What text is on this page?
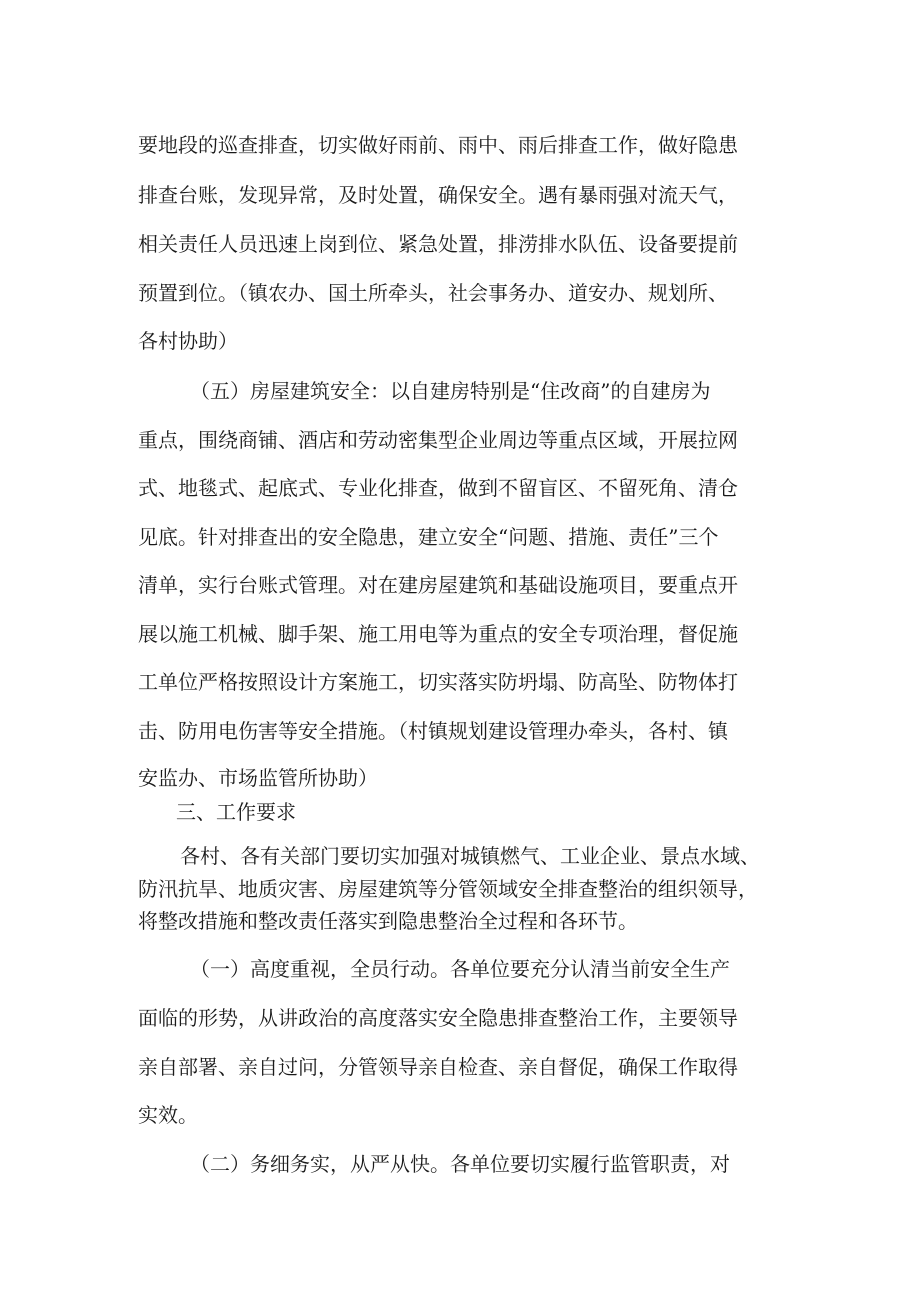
要地段的巡查排查，切实做好雨前、雨中、雨后排查工作，做好隐患
排查台账，发现异常，及时处置，确保安全。遇有暴雨强对流天气，
相关责任人员迅速上岗到位、紧急处置，排涝排水队伍、设备要提前
预置到位。（镇农办、国土所牵头，社会事务办、道安办、规划所、
各村协助）
（五）房屋建筑安全：以自建房特别是“住改商”的自建房为
重点，围绕商铺、酒店和劳动密集型企业周边等重点区域，开展拉网
式、地毯式、起底式、专业化排查，做到不留盲区、不留死角、清仓
见底。针对排查出的安全隐患，建立安全“问题、措施、责任”三个
清单，实行台账式管理。对在建房屋建筑和基础设施项目，要重点开
展以施工机械、脚手架、施工用电等为重点的安全专项治理，督促施
工单位严格按照设计方案施工，切实落实防坍塌、防高坠、防物体打
击、防用电伤害等安全措施。（村镇规划建设管理办牵头，各村、镇
安监办、市场监管所协助）
三、工作要求
各村、各有关部门要切实加强对城镇燃气、工业企业、景点水域、
防汛抗旱、地质灾害、房屋建筑等分管领域安全排查整治的组织领导，
将整改措施和整改责任落实到隐患整治全过程和各环节。
（一）高度重视，全员行动。各单位要充分认清当前安全生产
面临的形势，从讲政治的高度落实安全隐患排查整治工作，主要领导
亲自部署、亲自过问，分管领导亲自检查、亲自督促，确保工作取得
实效。
（二）务细务实，从严从快。各单位要切实履行监管职责，对
